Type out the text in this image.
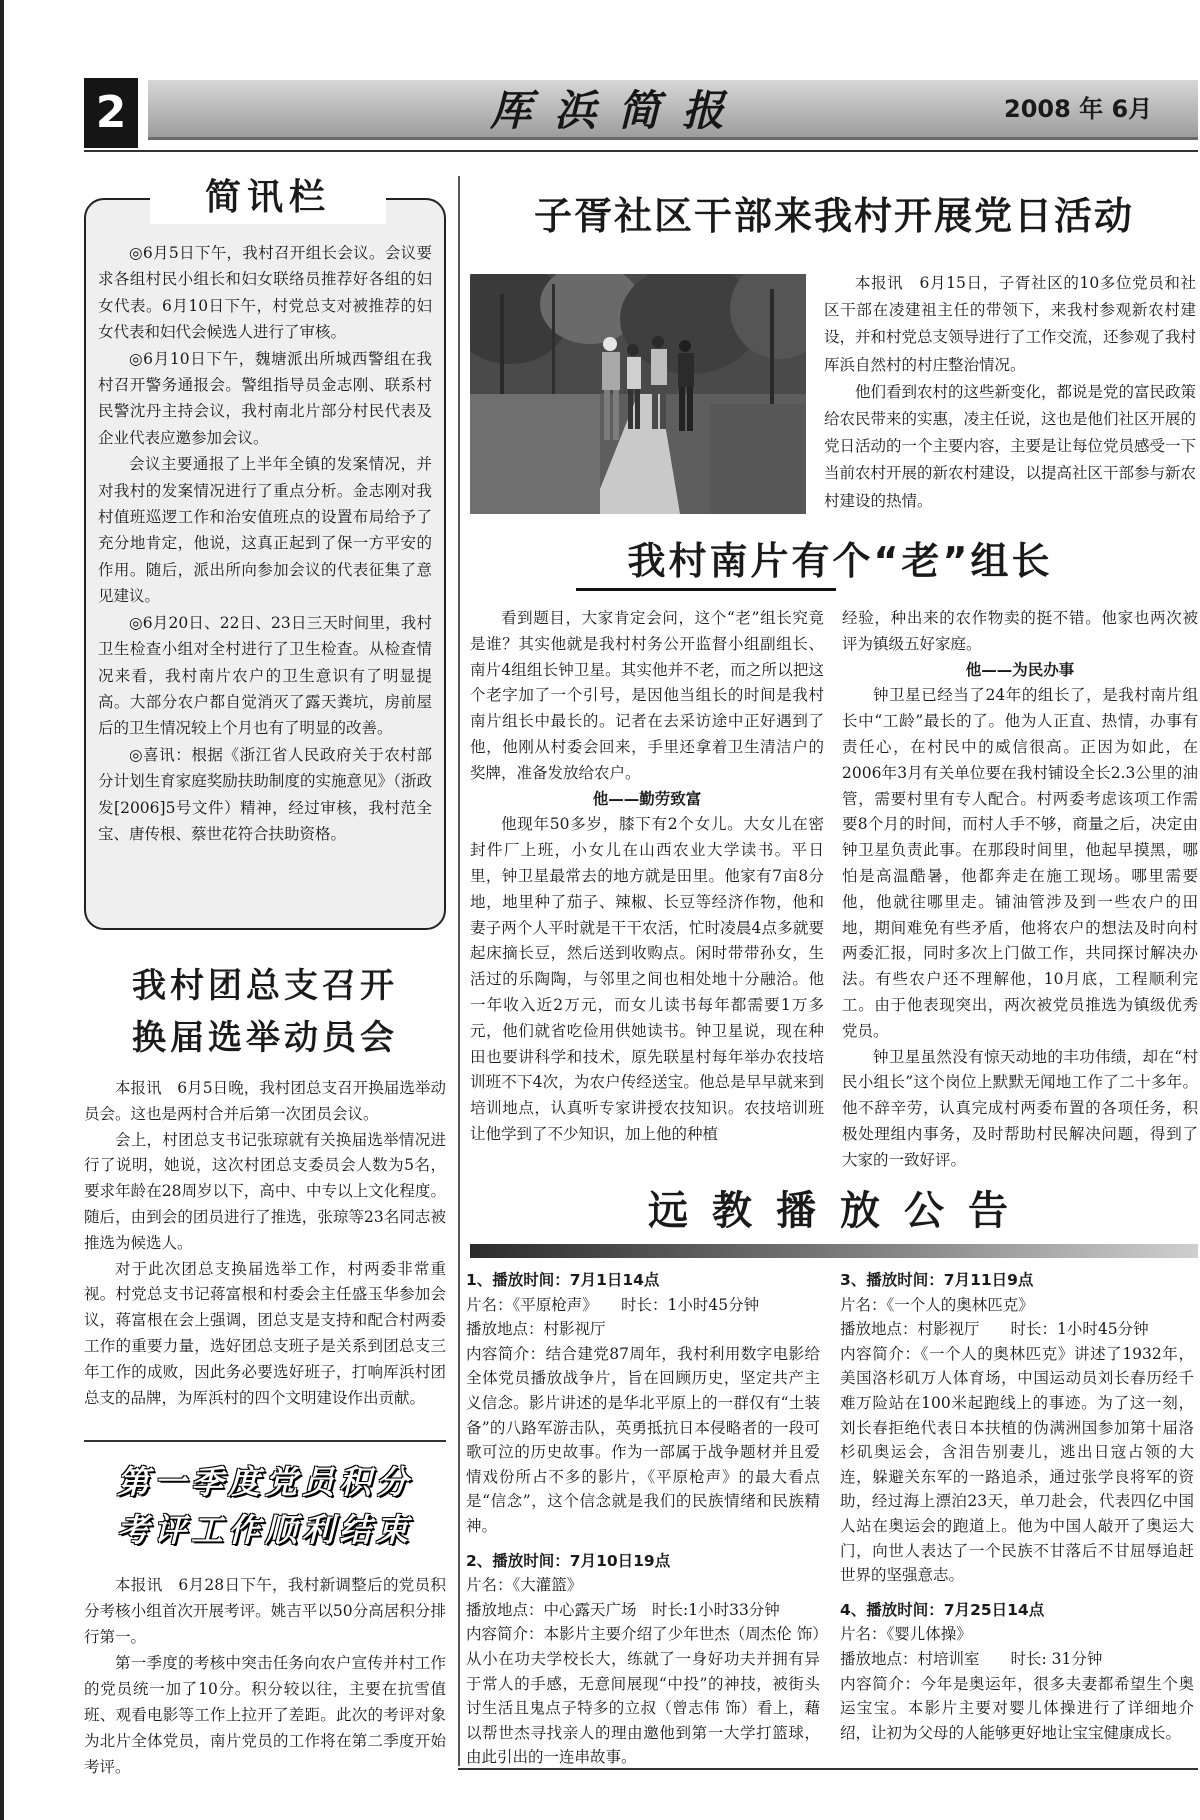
2	厍浜简报	2008 年 6月
简讯栏

◎6月5日下午，我村召开组长会议。会议要求各组村民小组长和妇女联络员推荐好各组的妇女代表。6月10日下午，村党总支对被推荐的妇女代表和妇代会候选人进行了审核。

◎6月10日下午，魏塘派出所城西警组在我村召开警务通报会。警组指导员金志刚、联系村民警沈丹主持会议，我村南北片部分村民代表及企业代表应邀参加会议。

会议主要通报了上半年全镇的发案情况，并对我村的发案情况进行了重点分析。金志刚对我村值班巡逻工作和治安值班点的设置布局给予了充分地肯定，他说，这真正起到了保一方平安的作用。随后，派出所向参加会议的代表征集了意见建议。

◎6月20日、22日、23日三天时间里，我村卫生检查小组对全村进行了卫生检查。从检查情况来看，我村南片农户的卫生意识有了明显提高。大部分农户都自觉消灭了露天粪坑，房前屋后的卫生情况较上个月也有了明显的改善。

◎喜讯：根据《浙江省人民政府关于农村部分计划生育家庭奖励扶助制度的实施意见》（浙政发[2006]5号文件）精神，经过审核，我村范全宝、唐传根、蔡世花符合扶助资格。

我村团总支召开
换届选举动员会

本报讯　6月5日晚，我村团总支召开换届选举动员会。这也是两村合并后第一次团员会议。

会上，村团总支书记张琼就有关换届选举情况进行了说明，她说，这次村团总支委员会人数为5名，要求年龄在28周岁以下，高中、中专以上文化程度。随后，由到会的团员进行了推选，张琼等23名同志被推选为候选人。

对于此次团总支换届选举工作，村两委非常重视。村党总支书记蒋富根和村委会主任盛玉华参加会议，蒋富根在会上强调，团总支是支持和配合村两委工作的重要力量，选好团总支班子是关系到团总支三年工作的成败，因此务必要选好班子，打响厍浜村团总支的品牌，为厍浜村的四个文明建设作出贡献。

第一季度党员积分
考评工作顺利结束

本报讯　6月28日下午，我村新调整后的党员积分考核小组首次开展考评。姚吉平以50分高居积分排行第一。

第一季度的考核中突击任务向农户宣传并村工作的党员统一加了10分。积分较以往，主要在抗雪值班、观看电影等工作上拉开了差距。此次的考评对象为北片全体党员，南片党员的工作将在第二季度开始考评。

子胥社区干部来我村开展党日活动

本报讯　6月15日，子胥社区的10多位党员和社区干部在凌建祖主任的带领下，来我村参观新农村建设，并和村党总支领导进行了工作交流，还参观了我村厍浜自然村的村庄整治情况。

他们看到农村的这些新变化，都说是党的富民政策给农民带来的实惠，凌主任说，这也是他们社区开展的党日活动的一个主要内容，主要是让每位党员感受一下当前农村开展的新农村建设，以提高社区干部参与新农村建设的热情。

我村南片有个“老”组长

看到题目，大家肯定会问，这个“老”组长究竟是谁？其实他就是我村村务公开监督小组副组长、南片4组组长钟卫星。其实他并不老，而之所以把这个老字加了一个引号，是因他当组长的时间是我村南片组长中最长的。记者在去采访途中正好遇到了他，他刚从村委会回来，手里还拿着卫生清洁户的奖牌，准备发放给农户。

他——勤劳致富

他现年50多岁，膝下有2个女儿。大女儿在密封件厂上班，小女儿在山西农业大学读书。平日里，钟卫星最常去的地方就是田里。他家有7亩8分地，地里种了茄子、辣椒、长豆等经济作物，他和妻子两个人平时就是干干农活，忙时凌晨4点多就要起床摘长豆，然后送到收购点。闲时带带孙女，生活过的乐陶陶，与邻里之间也相处地十分融洽。他一年收入近2万元，而女儿读书每年都需要1万多元，他们就省吃俭用供她读书。钟卫星说，现在种田也要讲科学和技术，原先联星村每年举办农技培训班不下4次，为农户传经送宝。他总是早早就来到培训地点，认真听专家讲授农技知识。农技培训班让他学到了不少知识，加上他的种植

经验，种出来的农作物卖的挺不错。他家也两次被评为镇级五好家庭。

他——为民办事

钟卫星已经当了24年的组长了，是我村南片组长中“工龄”最长的了。他为人正直、热情，办事有责任心，在村民中的威信很高。正因为如此，在2006年3月有关单位要在我村铺设全长2.3公里的油管，需要村里有专人配合。村两委考虑该项工作需要8个月的时间，而村人手不够，商量之后，决定由钟卫星负责此事。在那段时间里，他起早摸黑，哪怕是高温酷暑，他都奔走在施工现场。哪里需要他，他就往哪里走。铺油管涉及到一些农户的田地，期间难免有些矛盾，他将农户的想法及时向村两委汇报，同时多次上门做工作，共同探讨解决办法。有些农户还不理解他，10月底，工程顺利完工。由于他表现突出，两次被党员推选为镇级优秀党员。

钟卫星虽然没有惊天动地的丰功伟绩，却在“村民小组长”这个岗位上默默无闻地工作了二十多年。他不辞辛劳，认真完成村两委布置的各项任务，积极处理组内事务，及时帮助村民解决问题，得到了大家的一致好评。

远教播放公告
1、播放时间：7月1日14点

片名：《平原枪声》　　时长：1小时45分钟

播放地点：村影视厅

内容简介：结合建党87周年，我村利用数字电影给全体党员播放战争片，旨在回顾历史，坚定共产主义信念。影片讲述的是华北平原上的一群仅有“土装备”的八路军游击队，英勇抵抗日本侵略者的一段可歌可泣的历史故事。作为一部属于战争题材并且爱情戏份所占不多的影片，《平原枪声》的最大看点是“信念”，这个信念就是我们的民族情绪和民族精神。

2、播放时间：7月10日19点

片名：《大灌篮》

播放地点：中心露天广场　时长:1小时33分钟

内容简介：本影片主要介绍了少年世杰（周杰伦 饰）从小在功夫学校长大，练就了一身好功夫并拥有异于常人的手感，无意间展现“中投”的神技，被街头讨生活且鬼点子特多的立叔（曾志伟 饰）看上，藉以帮世杰寻找亲人的理由邀他到第一大学打篮球，由此引出的一连串故事。

3、播放时间：7月11日9点

片名：《一个人的奥林匹克》

播放地点：村影视厅　　时长：1小时45分钟

内容简介：《一个人的奥林匹克》讲述了1932年，美国洛杉矶万人体育场，中国运动员刘长春历经千难万险站在100米起跑线上的事迹。为了这一刻，刘长春拒绝代表日本扶植的伪满洲国参加第十届洛杉矶奥运会，含泪告别妻儿，逃出日寇占领的大连，躲避关东军的一路追杀，通过张学良将军的资助，经过海上漂泊23天，单刀赴会，代表四亿中国人站在奥运会的跑道上。他为中国人敲开了奥运大门，向世人表达了一个民族不甘落后不甘屈辱追赶世界的坚强意志。

4、播放时间：7月25日14点

片名：《婴儿体操》

播放地点：村培训室　　时长: 31分钟

内容简介：今年是奥运年，很多夫妻都希望生个奥运宝宝。本影片主要对婴儿体操进行了详细地介绍，让初为父母的人能够更好地让宝宝健康成长。
